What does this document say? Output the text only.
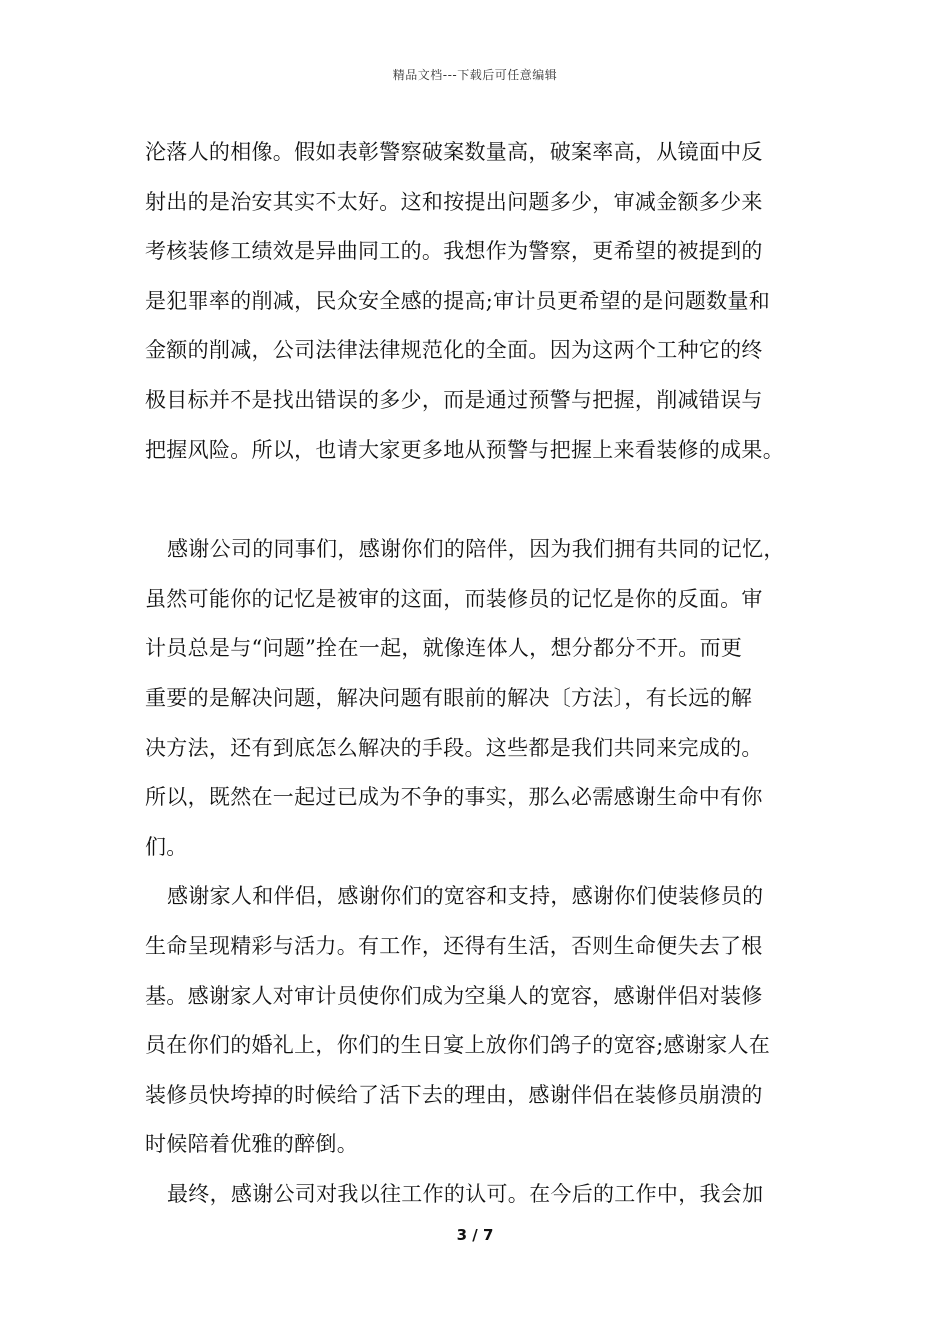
精品文档---下载后可任意编辑
沦落人的相像。假如表彰警察破案数量高，破案率高，从镜面中反
射出的是治安其实不太好。这和按提出问题多少，审减金额多少来
考核装修工绩效是异曲同工的。我想作为警察，更希望的被提到的
是犯罪率的削减，民众安全感的提高;审计员更希望的是问题数量和
金额的削减，公司法律法律规范化的全面。因为这两个工种它的终
极目标并不是找出错误的多少，而是通过预警与把握，削减错误与
把握风险。所以，也请大家更多地从预警与把握上来看装修的成果。
感谢公司的同事们，感谢你们的陪伴，因为我们拥有共同的记忆，
虽然可能你的记忆是被审的这面，而装修员的记忆是你的反面。审
计员总是与“问题”拴在一起，就像连体人，想分都分不开。而更
重要的是解决问题，解决问题有眼前的解决〔方法〕，有长远的解
决方法，还有到底怎么解决的手段。这些都是我们共同来完成的。
所以，既然在一起过已成为不争的事实，那么必需感谢生命中有你
们。
感谢家人和伴侣，感谢你们的宽容和支持，感谢你们使装修员的
生命呈现精彩与活力。有工作，还得有生活，否则生命便失去了根
基。感谢家人对审计员使你们成为空巢人的宽容，感谢伴侣对装修
员在你们的婚礼上，你们的生日宴上放你们鸽子的宽容;感谢家人在
装修员快垮掉的时候给了活下去的理由，感谢伴侣在装修员崩溃的
时候陪着优雅的醉倒。
最终，感谢公司对我以往工作的认可。在今后的工作中，我会加
3 / 7
